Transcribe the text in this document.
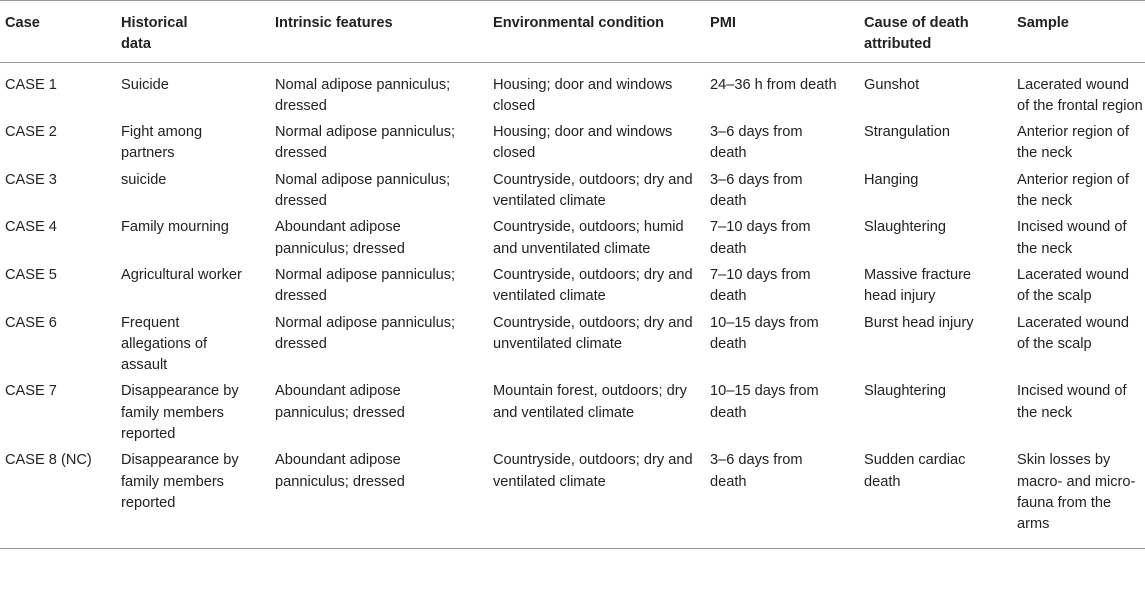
Case	Historical data	Intrinsic features	Environmental condition	PMI	Cause of death attributed	Sample

CASE 1	Suicide	Nomal adipose panniculus; dressed	Housing; door and windows closed	24–36 h from death	Gunshot	Lacerated wound of the frontal region

CASE 2	Fight among partners	Normal adipose panniculus; dressed	Housing; door and windows closed	3–6 days from death	Strangulation	Anterior region of the neck

CASE 3	suicide	Nomal adipose panniculus; dressed	Countryside, outdoors; dry and ventilated climate	3–6 days from death	Hanging	Anterior region of the neck

CASE 4	Family mourning	Aboundant adipose panniculus; dressed	Countryside, outdoors; humid and unventilated climate	7–10 days from death	Slaughtering	Incised wound of the neck

CASE 5	Agricultural worker	Normal adipose panniculus; dressed	Countryside, outdoors; dry and ventilated climate	7–10 days from death	Massive fracture head injury	Lacerated wound of the scalp

CASE 6	Frequent allegations of assault	Normal adipose panniculus; dressed	Countryside, outdoors; dry and unventilated climate	10–15 days from death	Burst head injury	Lacerated wound of the scalp

CASE 7	Disappearance by family members reported	Aboundant adipose panniculus; dressed	Mountain forest, outdoors; dry and ventilated climate	10–15 days from death	Slaughtering	Incised wound of the neck

CASE 8 (NC)	Disappearance by family members reported	Aboundant adipose panniculus; dressed	Countryside, outdoors; dry and ventilated climate	3–6 days from death	Sudden cardiac death	Skin losses by macro- and micro-fauna from the arms
